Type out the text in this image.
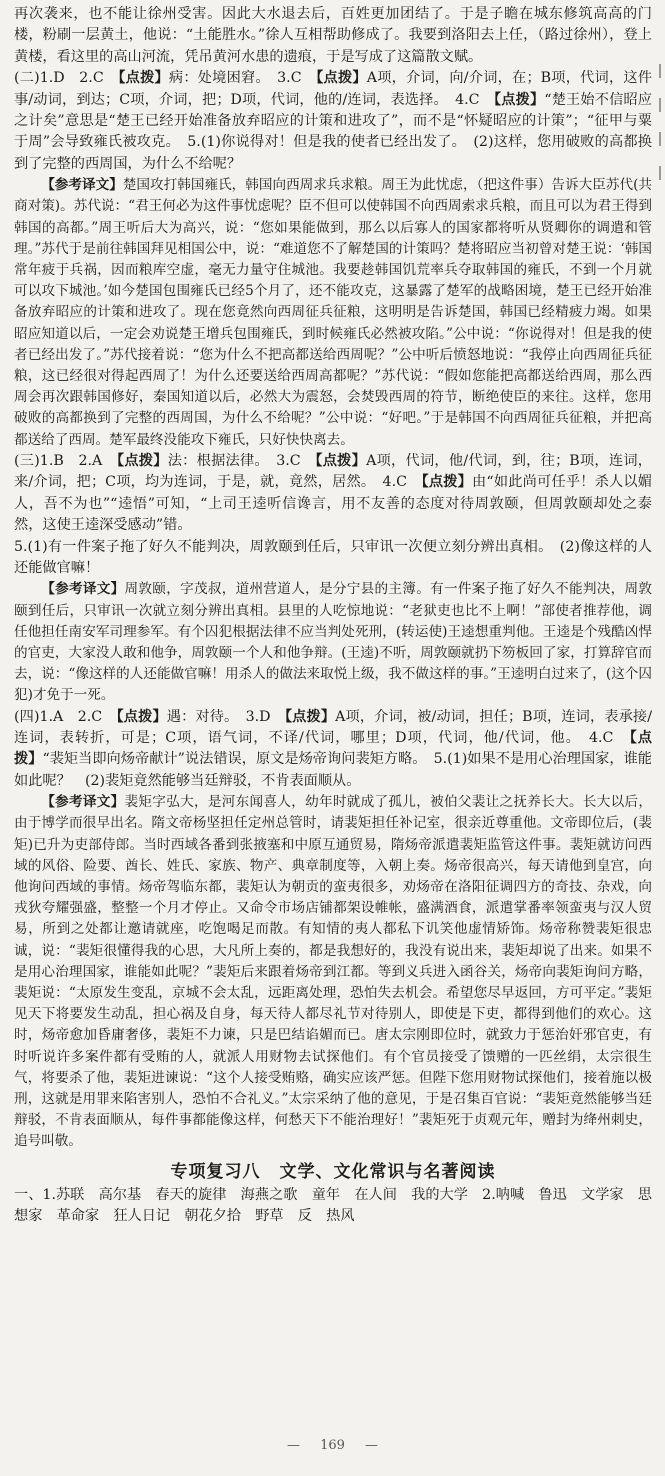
再次袭来，也不能让徐州受害。因此大水退去后，百姓更加团结了。于是子瞻在城东修筑高高的门楼，粉刷一层黄土，他说：“土能胜水。”徐人互相帮助修成了。我要到洛阳去上任，（路过徐州），登上黄楼，看这里的高山河流，凭吊黄河水患的遗痕，于是写成了这篇散文赋。

(二)1.D　2.C　【点拨】病：处境困窘。　3.C　【点拨】A项，介词，向/介词，在；B项，代词，这件事/动词，到达；C项，介词，把；D项，代词，他的/连词，表选择。　4.C　【点拨】“楚王始不信昭应之计矣”意思是“楚王已经开始准备放弃昭应的计策和进攻了”，而不是“怀疑昭应的计策”；“征甲与粟于周”会导致雍氏被攻克。　5.(1)你说得对！但是我的使者已经出发了。　(2)这样，您用破败的高都换到了完整的西周国，为什么不给呢？

【参考译文】楚国攻打韩国雍氏，韩国向西周求兵求粮。周王为此忧虑，（把这件事）告诉大臣苏代(共商对策)。苏代说：“君王何必为这件事忧虑呢？臣不但可以使韩国不向西周索求兵粮，而且可以为君王得到韩国的高都。”周王听后大为高兴，说：“您如果能做到，那么以后寡人的国家都将听从贤卿你的调遣和管理。”苏代于是前往韩国拜见相国公中，说：“难道您不了解楚国的计策吗？楚将昭应当初曾对楚王说：‘韩国常年疲于兵祸，因而粮库空虚，毫无力量守住城池。我要趁韩国饥荒率兵夺取韩国的雍氏，不到一个月就可以攻下城池。’如今楚国包围雍氏已经5个月了，还不能攻克，这暴露了楚军的战略困境，楚王已经开始准备放弃昭应的计策和进攻了。现在您竟然向西周征兵征粮，这明明是告诉楚国，韩国已经精疲力竭。如果昭应知道以后，一定会劝说楚王增兵包围雍氏，到时候雍氏必然被攻陷。”公中说：“你说得对！但是我的使者已经出发了。”苏代接着说：“您为什么不把高都送给西周呢？”公中听后愤怒地说：“我停止向西周征兵征粮，这已经很对得起西周了！为什么还要送给西周高都呢？”苏代说：“假如您能把高都送给西周，那么西周会再次跟韩国修好，秦国知道以后，必然大为震怒，会焚毁西周的符节，断绝使臣的来往。这样，您用破败的高都换到了完整的西周国，为什么不给呢？”公中说：“好吧。”于是韩国不向西周征兵征粮，并把高都送给了西周。楚军最终没能攻下雍氏，只好快快离去。

(三)1.B　2.A　【点拨】法：根据法律。　3.C　【点拨】A项，代词，他/代词，到，往；B项，连词，来/介词，把；C项，均为连词，于是，就，竟然，居然。　4.C　【点拨】由“如此尚可任乎！杀人以媚人，吾不为也”“逵悟”可知，“上司王逵听信谗言，用不友善的态度对待周敦颐，但周敦颐却处之泰然，这使王逵深受感动”错。

5.(1)有一件案子拖了好久不能判决，周敦颐到任后，只审讯一次便立刻分辨出真相。　(2)像这样的人还能做官嘛！

【参考译文】周敦颐，字茂叔，道州营道人，是分宁县的主簿。有一件案子拖了好久不能判决，周敦颐到任后，只审讯一次就立刻分辨出真相。县里的人吃惊地说：“老狱吏也比不上啊！”部使者推荐他，调任他担任南安军司理参军。有个囚犯根据法律不应当判处死刑，(转运使)王逵想重判他。王逵是个残酷凶悍的官吏，大家没人敢和他争，周敦颐一个人和他争辩。(王逵)不听，周敦颐就扔下笏板回了家，打算辞官而去，说：“像这样的人还能做官嘛！用杀人的做法来取悦上级，我不做这样的事。”王逵明白过来了，(这个囚犯)才免于一死。

(四)1.A　2.C　【点拨】遇：对待。　3.D　【点拨】A项，介词，被/动词，担任；B项，连词，表承接/连词，表转折，可是；C项，语气词，不译/代词，哪里；D项，代词，他/代词，他。　4.C　【点拨】“裴矩当即向炀帝献计”说法错误，原文是炀帝询问裴矩方略。　5.(1)如果不是用心治理国家，谁能如此呢？　(2)裴矩竟然能够当廷辩驳，不肯表面顺从。

【参考译文】裴矩字弘大，是河东闻喜人，幼年时就成了孤儿，被伯父裴让之抚养长大。长大以后，由于博学而很早出名。隋文帝杨坚担任定州总管时，请裴矩担任补记室，很亲近尊重他。文帝即位后，(裴矩)已升为吏部侍郎。当时西域各番到张掖塞和中原互通贸易，隋炀帝派遣裴矩监管这件事。裴矩就访问西域的风俗、险要、酋长、姓氏、家族、物产、典章制度等，入朝上奏。炀帝很高兴，每天请他到皇宫，向他询问西域的事情。炀帝驾临东都，裴矩认为朝贡的蛮夷很多，劝炀帝在洛阳征调四方的奇技、杂戏，向戎狄夸耀强盛，整整一个月才停止。又命令市场店铺都架设帷帐，盛满酒食，派遣掌番率领蛮夷与汉人贸易，所到之处都让邀请就座，吃饱喝足而散。有知情的夷人都私下讥笑他虚情矫饰。炀帝称赞裴矩很忠诚，说：“裴矩很懂得我的心思，大凡所上奏的，都是我想好的，我没有说出来，裴矩却说了出来。如果不是用心治理国家，谁能如此呢？”裴矩后来跟着炀帝到江都。等到义兵进入函谷关，炀帝向裴矩询问方略，裴矩说：“太原发生变乱，京城不会太乱，远距离处理，恐怕失去机会。希望您尽早返回，方可平定。”裴矩见天下将要发生动乱，担心祸及自身，每天待人都尽礼节对待别人，即使是下吏，都得到他们的欢心。这时，炀帝愈加昏庸奢侈，裴矩不力谏，只是巴结谄媚而已。唐太宗刚即位时，就致力于惩治奸邪官吏，有时听说许多案件都有受贿的人，就派人用财物去试探他们。有个官员接受了馈赠的一匹丝绢，太宗很生气，将要杀了他，裴矩进谏说：“这个人接受贿赂，确实应该严惩。但陛下您用财物试探他们，接着施以极刑，这就是用罪来陷害别人，恐怕不合礼义。”太宗采纳了他的意见，于是召集百官说：“裴矩竟然能够当廷辩驳，不肯表面顺从，每件事都能像这样，何愁天下不能治理好！”裴矩死于贞观元年，赠封为绛州刺史，追号叫敬。

专项复习八 文学、文化常识与名著阅读

一、1.苏联　高尔基　春天的旋律　海燕之歌　童年　在人间　我的大学　2.呐喊　鲁迅　文学家　思想家　革命家　狂人日记　朝花夕拾　野草　反　热风

— 169 —
